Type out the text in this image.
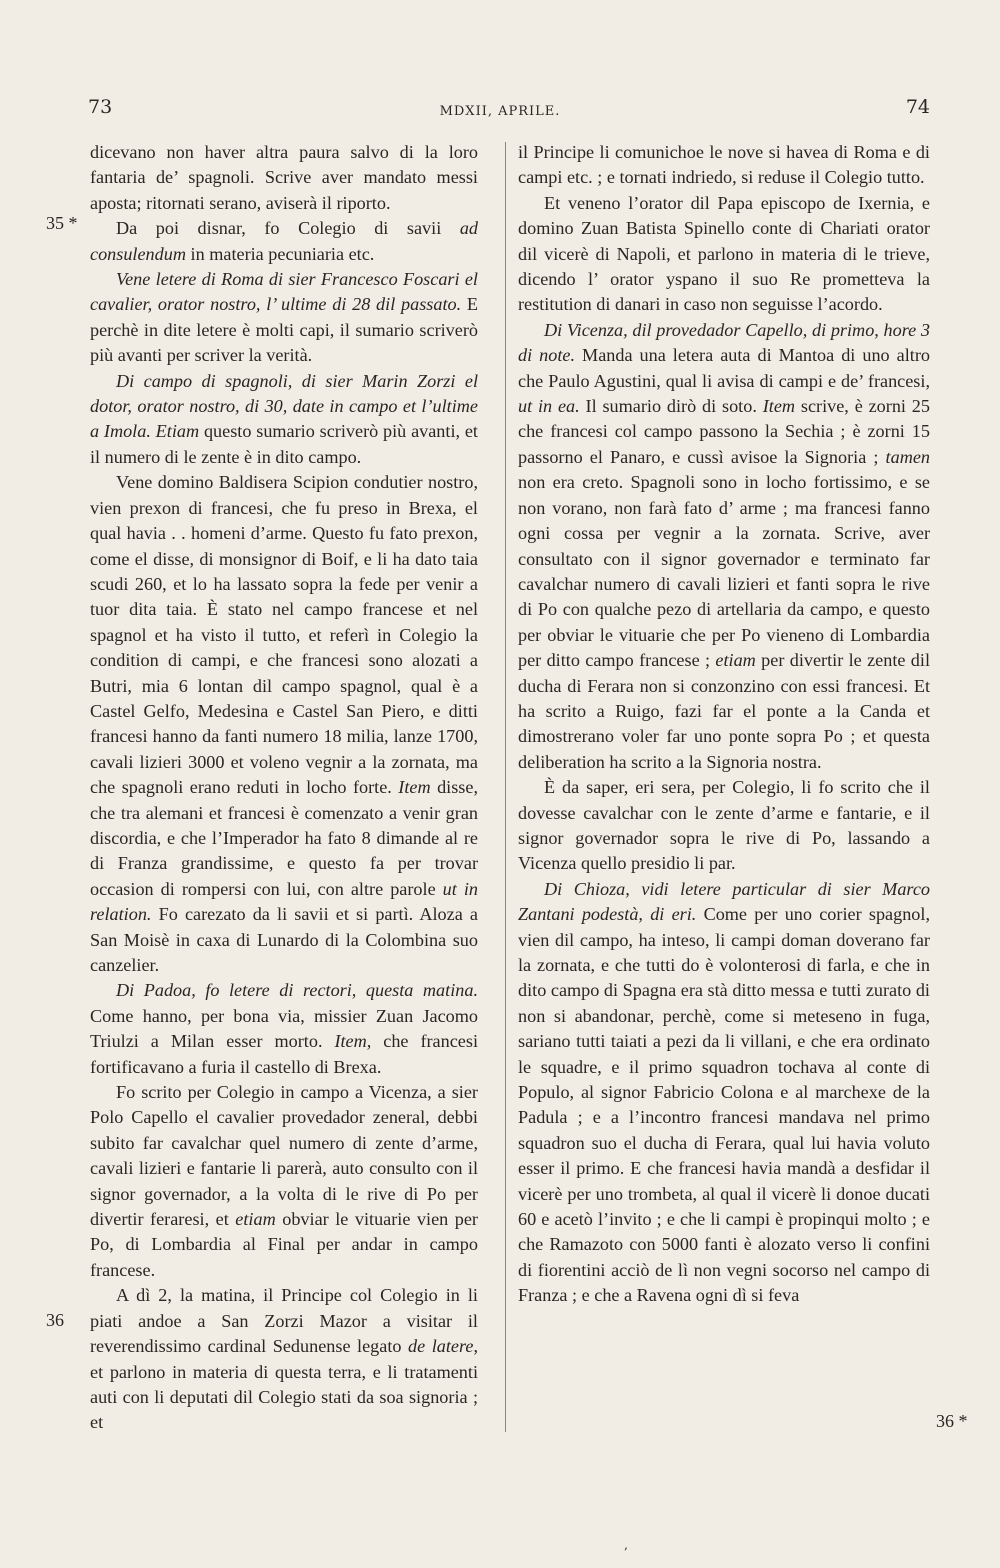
73	MDXII, APRILE.	74
35 *
36
36 *

dicevano non haver altra paura salvo di la loro fantaria de’ spagnoli. Scrive aver mandato messi aposta; ritornati serano, aviserà il riporto.

Da poi disnar, fo Colegio di savii ad consulendum in materia pecuniaria etc.

Vene letere di Roma di sier Francesco Foscari el cavalier, orator nostro, l’ ultime di 28 dil passato. E perchè in dite letere è molti capi, il sumario scriverò più avanti per scriver la verità.

Di campo di spagnoli, di sier Marin Zorzi el dotor, orator nostro, di 30, date in campo et l’ultime a Imola. Etiam questo sumario scriverò più avanti, et il numero di le zente è in dito campo.

Vene domino Baldisera Scipion condutier nostro, vien prexon di francesi, che fu preso in Brexa, el qual havia . . homeni d’arme. Questo fu fato prexon, come el disse, di monsignor di Boif, e li ha dato taia scudi 260, et lo ha lassato sopra la fede per venir a tuor dita taia. È stato nel campo francese et nel spagnol et ha visto il tutto, et referì in Colegio la condition di campi, e che francesi sono alozati a Butri, mia 6 lontan dil campo spagnol, qual è a Castel Gelfo, Medesina e Castel San Piero, e ditti francesi hanno da fanti numero 18 milia, lanze 1700, cavali lizieri 3000 et voleno vegnir a la zornata, ma che spagnoli erano reduti in locho forte. Item disse, che tra alemani et francesi è comenzato a venir gran discordia, e che l’Imperador ha fato 8 dimande al re di Franza grandissime, e questo fa per trovar occasion di rompersi con lui, con altre parole ut in relation. Fo carezato da li savii et si partì. Aloza a San Moisè in caxa di Lunardo di la Colombina suo canzelier.

Di Padoa, fo letere di rectori, questa matina. Come hanno, per bona via, missier Zuan Jacomo Triulzi a Milan esser morto. Item, che francesi fortificavano a furia il castello di Brexa.

Fo scrito per Colegio in campo a Vicenza, a sier Polo Capello el cavalier provedador zeneral, debbi subito far cavalchar quel numero di zente d’arme, cavali lizieri e fantarie li parerà, auto consulto con il signor governador, a la volta di le rive di Po per divertir feraresi, et etiam obviar le vituarie vien per Po, di Lombardia al Final per andar in campo francese.

A dì 2, la matina, il Principe col Colegio in li piati andoe a San Zorzi Mazor a visitar il reverendissimo cardinal Sedunense legato de latere, et parlono in materia di questa terra, e li tratamenti auti con li deputati dil Colegio stati da soa signoria ; et

il Principe li comunichoe le nove si havea di Roma e di campi etc. ; e tornati indriedo, si reduse il Colegio tutto.

Et veneno l’orator dil Papa episcopo de Ixernia, e domino Zuan Batista Spinello conte di Chariati orator dil vicerè di Napoli, et parlono in materia di le trieve, dicendo l’ orator yspano il suo Re prometteva la restitution di danari in caso non seguisse l’acordo.

Di Vicenza, dil provedador Capello, di primo, hore 3 di note. Manda una letera auta di Mantoa di uno altro che Paulo Agustini, qual li avisa di campi e de’ francesi, ut in ea. Il sumario dirò di soto. Item scrive, è zorni 25 che francesi col campo passono la Sechia ; è zorni 15 passorno el Panaro, e cussì avisoe la Signoria ; tamen non era creto. Spagnoli sono in locho fortissimo, e se non vorano, non farà fato d’ arme ; ma francesi fanno ogni cossa per vegnir a la zornata. Scrive, aver consultato con il signor governador e terminato far cavalchar numero di cavali lizieri et fanti sopra le rive di Po con qualche pezo di artellaria da campo, e questo per obviar le vituarie che per Po vieneno di Lombardia per ditto campo francese ; etiam per divertir le zente dil ducha di Ferara non si conzonzino con essi francesi. Et ha scrito a Ruigo, fazi far el ponte a la Canda et dimostrerano voler far uno ponte sopra Po ; et questa deliberation ha scrito a la Signoria nostra.

È da saper, eri sera, per Colegio, li fo scrito che il dovesse cavalchar con le zente d’arme e fantarie, e il signor governador sopra le rive di Po, lassando a Vicenza quello presidio li par.

Di Chioza, vidi letere particular di sier Marco Zantani podestà, di eri. Come per uno corier spagnol, vien dil campo, ha inteso, li campi doman doverano far la zornata, e che tutti do è volonterosi di farla, e che in dito campo di Spagna era stà ditto messa e tutti zurato di non si abandonar, perchè, come si meteseno in fuga, sariano tutti taiati a pezi da li villani, e che era ordinato le squadre, e il primo squadron tochava al conte di Populo, al signor Fabricio Colona e al marchexe de la Padula ; e a l’incontro francesi mandava nel primo squadron suo el ducha di Ferara, qual lui havia voluto esser il primo. E che francesi havia mandà a desfidar il vicerè per uno trombeta, al qual il vicerè li donoe ducati 60 e acetò l’invito ; e che li campi è propinqui molto ; e che Ramazoto con 5000 fanti è alozato verso li confini di fiorentini acciò de lì non vegni socorso nel campo di Franza ; e che a Ravena ogni dì si feva

‚
